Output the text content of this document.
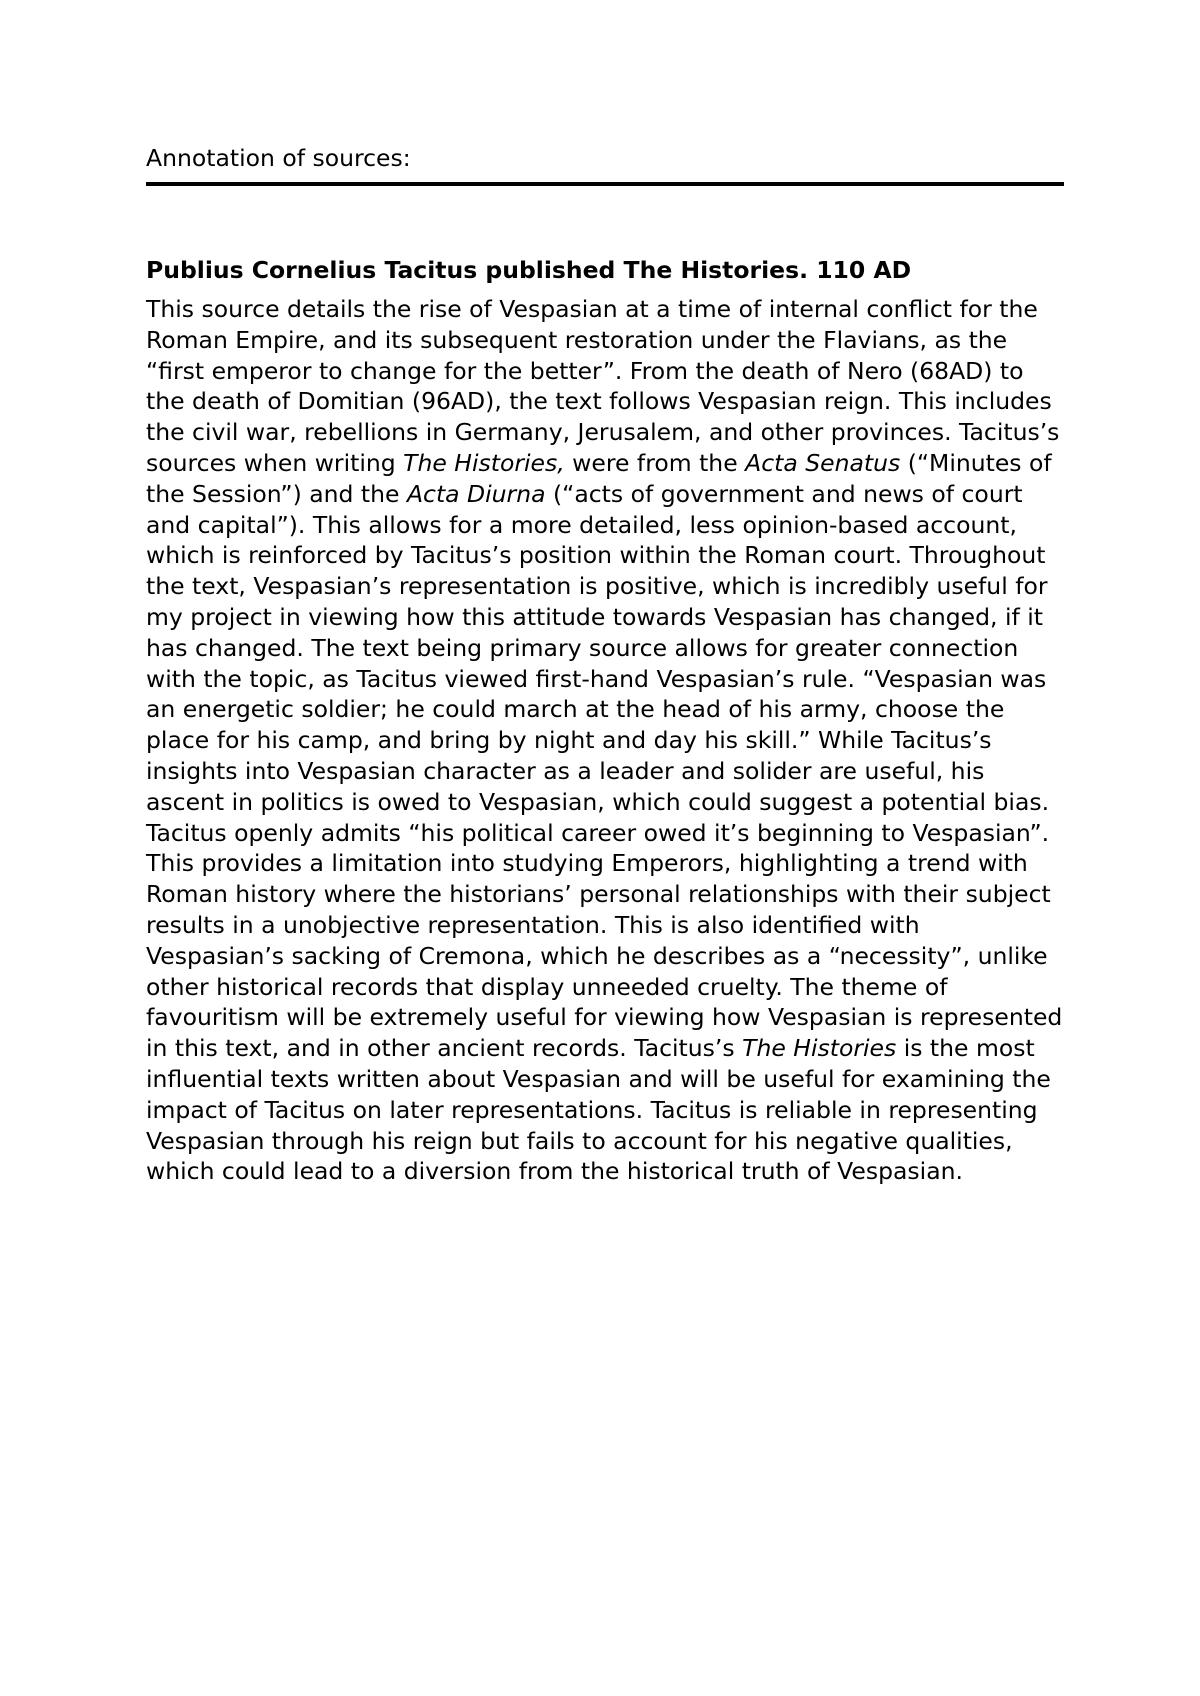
Annotation of sources:
Publius Cornelius Tacitus published The Histories. 110 AD

This source details the rise of Vespasian at a time of internal conflict for the Roman Empire, and its subsequent restoration under the Flavians, as the “first emperor to change for the better”. From the death of Nero (68AD) to the death of Domitian (96AD), the text follows Vespasian reign. This includes the civil war, rebellions in Germany, Jerusalem, and other provinces. Tacitus’s sources when writing The Histories, were from the Acta Senatus (“Minutes of the Session”) and the Acta Diurna (“acts of government and news of court and capital”). This allows for a more detailed, less opinion-based account, which is reinforced by Tacitus’s position within the Roman court. Throughout the text, Vespasian’s representation is positive, which is incredibly useful for my project in viewing how this attitude towards Vespasian has changed, if it has changed. The text being primary source allows for greater connection with the topic, as Tacitus viewed first-hand Vespasian’s rule. “Vespasian was an energetic soldier; he could march at the head of his army, choose the place for his camp, and bring by night and day his skill.” While Tacitus’s insights into Vespasian character as a leader and solider are useful, his ascent in politics is owed to Vespasian, which could suggest a potential bias. Tacitus openly admits “his political career owed it’s beginning to Vespasian”. This provides a limitation into studying Emperors, highlighting a trend with Roman history where the historians’ personal relationships with their subject results in a unobjective representation. This is also identified with Vespasian’s sacking of Cremona, which he describes as a “necessity”, unlike other historical records that display unneeded cruelty. The theme of favouritism will be extremely useful for viewing how Vespasian is represented in this text, and in other ancient records. Tacitus’s The Histories is the most influential texts written about Vespasian and will be useful for examining the impact of Tacitus on later representations. Tacitus is reliable in representing Vespasian through his reign but fails to account for his negative qualities, which could lead to a diversion from the historical truth of Vespasian.
